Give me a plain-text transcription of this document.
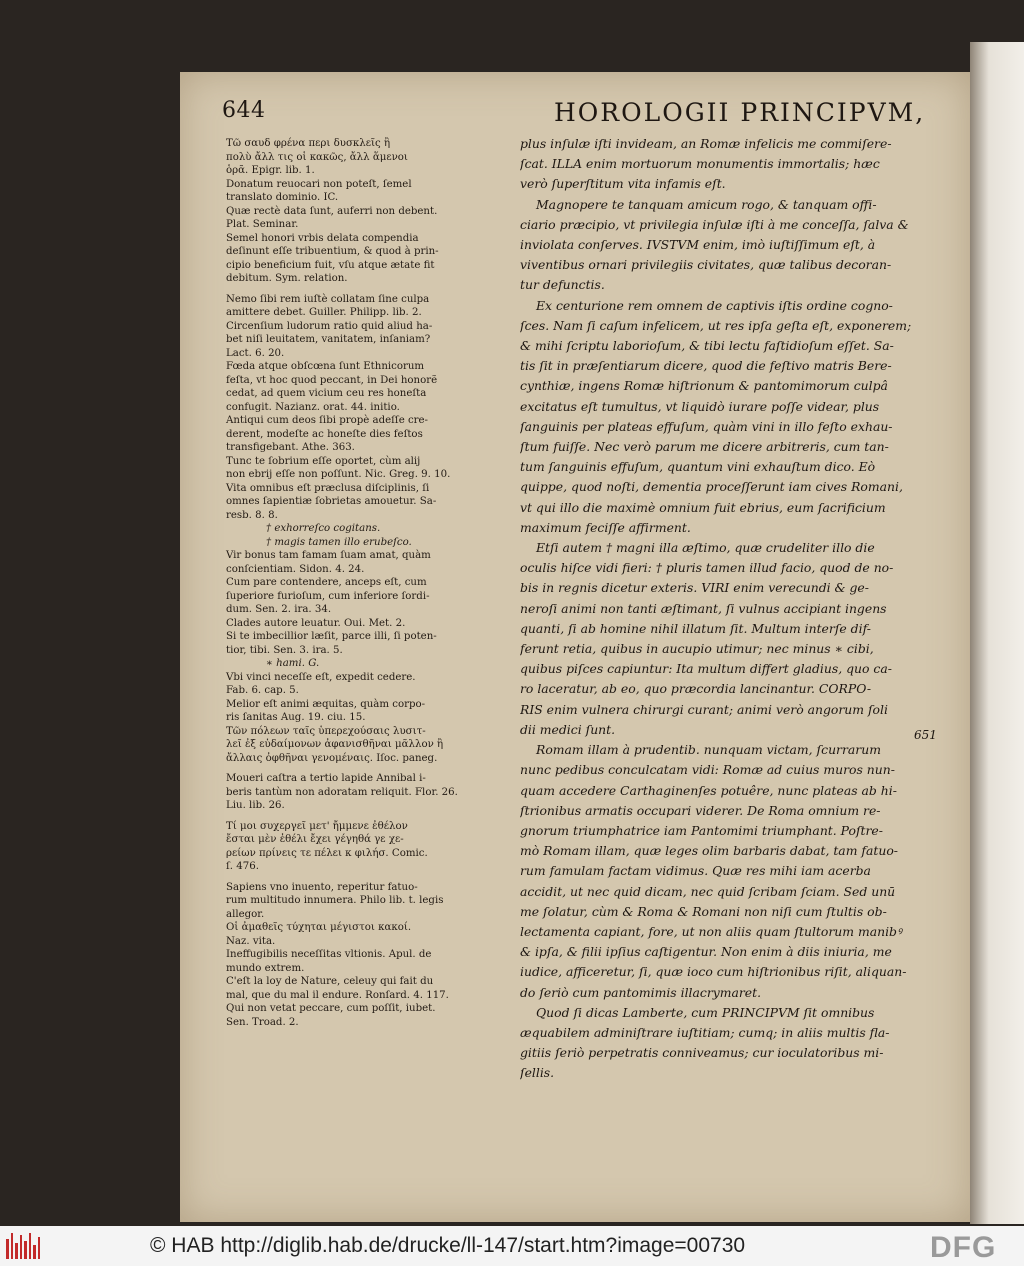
644	HOROLOGII PRINCIPVM,
Τῶ σαυδ φρένα περι δυσκλεῖς ἢ
πολὺ ἄλλ τις οἱ κακῶς, ἄλλ ἅμενοι
ὁρᾶ. Epigr. lib. 1.
Donatum reuocari non poteſt, ſemel
translato dominio. IC.
Quæ rectè data ſunt, auferri non debent.
Plat. Seminar.
Semel honori vrbis delata compendia
deſinunt eſſe tribuentium, & quod à prin-
cipio beneficium fuit, vſu atque ætate fit
debitum. Sym. relation.
Nemo ſibi rem iuſtè collatam ſine culpa
amittere debet. Guiller. Philipp. lib. 2.
Circenſium ludorum ratio quid aliud ha-
bet niſi leuitatem, vanitatem, inſaniam?
Lact. 6. 20.
Fœda atque obſcœna ſunt Ethnicorum
feſta, vt hoc quod peccant, in Dei honorẽ
cedat, ad quem vicium ceu res honeſta
confugit. Nazianz. orat. 44. initio.
Antiqui cum deos ſibi propè adeſſe cre-
derent, modeſte ac honeſte dies feſtos
transfigebant. Athe. 363.
Tunc te ſobrium eſſe oportet, cùm alij
non ebrij eſſe non poſſunt. Nic. Greg. 9. 10.
Vita omnibus eſt præclusa diſciplinis, ſi
omnes ſapientiæ ſobrietas amouetur. Sa-
resb. 8. 8.
† exhorreſco cogitans.
† magis tamen illo erubeſco.
Vir bonus tam famam ſuam amat, quàm
conſcientiam. Sidon. 4. 24.
Cum pare contendere, anceps eſt, cum
ſuperiore furioſum, cum inferiore ſordi-
dum. Sen. 2. ira. 34.
Clades autore leuatur. Oui. Met. 2.
Si te imbecillior læſit, parce illi, ſi poten-
tior, tibi. Sen. 3. ira. 5.
∗ hami. G.
Vbi vinci neceſſe eſt, expedit cedere.
Fab. 6. cap. 5.
Melior eſt animi æquitas, quàm corpo-
ris ſanitas Aug. 19. ciu. 15.
Τῶν πόλεων ταῖς ὑπερεχούσαις λυσιτ-
λεῖ ἐξ εὐδαίμονων ἀφανισθῆναι μᾶλλον ἢ
ἄλλαις ὀφθῆναι γενομέναις. Iſoc. paneg.
Moueri caſtra a tertio lapide Annibal i-
beris tantùm non adoratam reliquit. Flor. 26.
Liu. lib. 26.
Τί μοι συχεργεῖ μετ' ἤμμενε ἐθέλον
ἔσται μὲν ἐθέλι ἔχει γέγηθά γε χε-
ρείων πρίνεις τε πέλει κ φιλήσ. Comic.
ſ. 476.
Sapiens vno inuento, reperitur fatuo-
rum multitudo innumera. Philo lib. t. legis
allegor.
Οἱ ἀμαθεῖς τύχηται μέγιστοι κακοί.
Naz. vita.
Ineffugibilis neceſſitas vltionis. Apul. de
mundo extrem.
C'eſt la loy de Nature, celeuy qui fait du
mal, que du mal il endure. Ronſard. 4. 117.
Qui non vetat peccare, cum poſſit, iubet.
Sen. Troad. 2.
plus inſulæ iſti invideam, an Romæ infelicis me commiſere-
ſcat. ILLA enim mortuorum monumentis immortalis; hæc
verò ſuperſtitum vita infamis eſt.
Magnopere te tanquam amicum rogo, & tanquam offi-
ciario præcipio, vt privilegia inſulæ iſti à me conceſſa, ſalva &
inviolata conſerves. IVSTVM enim, imò iuſtiſſimum eſt, à
viventibus ornari privilegiis civitates, quæ talibus decoran-
tur defunctis.
Ex centurione rem omnem de captivis iſtis ordine cogno-
ſces. Nam ſi caſum infelicem, ut res ipſa geſta eſt, exponerem;
& mihi ſcriptu laborioſum, & tibi lectu faſtidioſum eſſet. Sa-
tis ſit in præſentiarum dicere, quod die feſtivo matris Bere-
cynthiæ, ingens Romæ hiſtrionum & pantomimorum culpâ
excitatus eſt tumultus, vt liquidò iurare poſſe videar, plus
ſanguinis per plateas effuſum, quàm vini in illo feſto exhau-
ſtum fuiſſe. Nec verò parum me dicere arbitreris, cum tan-
tum ſanguinis effuſum, quantum vini exhauſtum dico. Eò
quippe, quod noſti, dementia proceſſerunt iam cives Romani,
vt qui illo die maximè omnium fuit ebrius, eum ſacrificium
maximum feciſſe affirment.
Etſi autem † magni illa æſtimo, quæ crudeliter illo die
oculis hiſce vidi fieri: † pluris tamen illud facio, quod de no-
bis in regnis dicetur exteris. VIRI enim verecundi & ge-
neroſi animi non tanti æſtimant, ſi vulnus accipiant ingens
quanti, ſi ab homine nihil illatum ſit. Multum interſe dif-
ferunt retia, quibus in aucupio utimur; nec minus ∗ cibi,
quibus piſces capiuntur: Ita multum differt gladius, quo ca-
ro laceratur, ab eo, quo præcordia lancinantur. CORPO-
RIS enim vulnera chirurgi curant; animi verò angorum ſoli
dii medici ſunt.
Romam illam à prudentib. nunquam victam, ſcurrarum
nunc pedibus conculcatam vidi: Romæ ad cuius muros nun-
quam accedere Carthaginenſes potuêre, nunc plateas ab hi-
ſtrionibus armatis occupari viderer. De Roma omnium re-
gnorum triumphatrice iam Pantomimi triumphant. Poſtre-
mò Romam illam, quæ leges olim barbaris dabat, tam fatuo-
rum famulam factam vidimus. Quæ res mihi iam acerba
accidit, ut nec quid dicam, nec quid ſcribam ſciam. Sed unū
me ſolatur, cùm & Roma & Romani non niſi cum ſtultis ob-
lectamenta capiant, fore, ut non aliis quam ſtultorum manibꝰ
& ipſa, & filii ipſius caſtigentur. Non enim à diis iniuria, me
iudice, afficeretur, ſi, quæ ioco cum hiſtrionibus riſit, aliquan-
do ſeriò cum pantomimis illacrymaret.
Quod ſi dicas Lamberte, cum PRINCIPVM ſit omnibus
æquabilem adminiſtrare iuſtitiam; cumq; in aliis multis fla-
gitiis ſeriò perpetratis conniveamus; cur ioculatoribus mi-
ſellis.
651
© HAB http://diglib.hab.de/drucke/ll-147/start.htm?image=00730	DFG
